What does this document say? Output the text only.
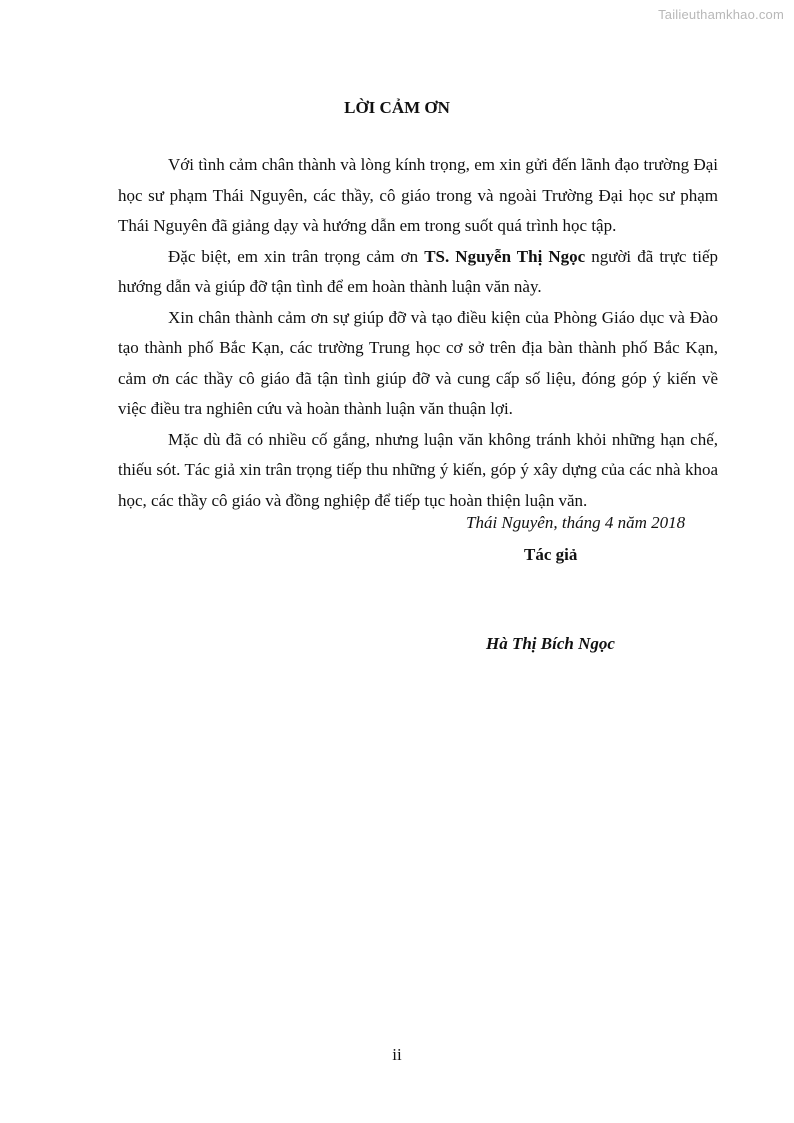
Tailieuthamkhao.com
LỜI CẢM ƠN

Với tình cảm chân thành và lòng kính trọng, em xin gửi đến lãnh đạo trường Đại học sư phạm Thái Nguyên, các thầy, cô giáo trong và ngoài Trường Đại học sư phạm Thái Nguyên đã giảng dạy và hướng dẫn em trong suốt quá trình học tập.

Đặc biệt, em xin trân trọng cảm ơn TS. Nguyễn Thị Ngọc người đã trực tiếp hướng dẫn và giúp đỡ tận tình để em hoàn thành luận văn này.

Xin chân thành cảm ơn sự giúp đỡ và tạo điều kiện của Phòng Giáo dục và Đào tạo thành phố Bắc Kạn, các trường Trung học cơ sở trên địa bàn thành phố Bắc Kạn, cảm ơn các thầy cô giáo đã tận tình giúp đỡ và cung cấp số liệu, đóng góp ý kiến về việc điều tra nghiên cứu và hoàn thành luận văn thuận lợi.

Mặc dù đã có nhiều cố gắng, nhưng luận văn không tránh khỏi những hạn chế, thiếu sót. Tác giả xin trân trọng tiếp thu những ý kiến, góp ý xây dựng của các nhà khoa học, các thầy cô giáo và đồng nghiệp để tiếp tục hoàn thiện luận văn.

Thái Nguyên, tháng 4 năm 2018
Tác giả
Hà Thị Bích Ngọc
ii
